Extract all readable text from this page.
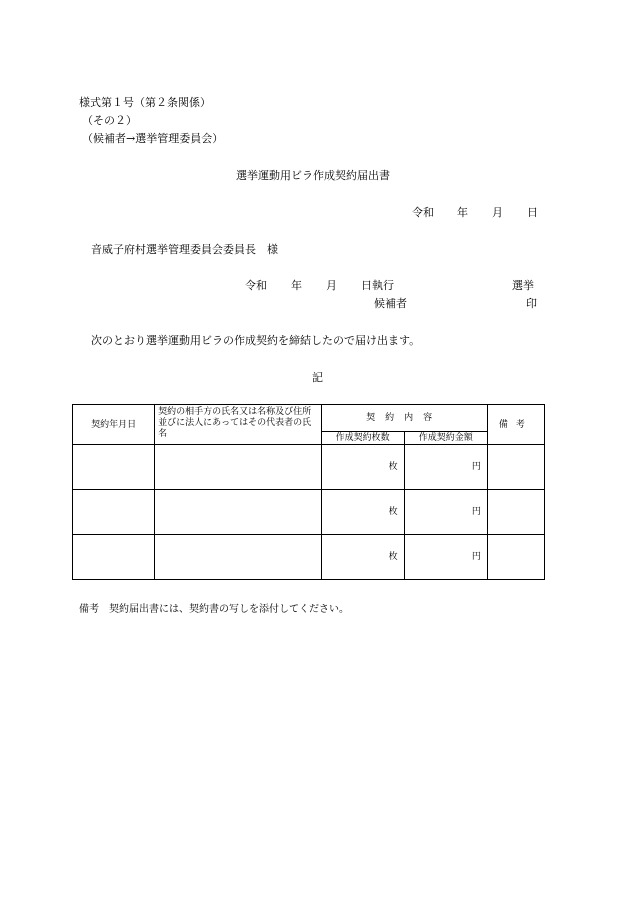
様式第１号（第２条関係）
（その２）
（候補者→選挙管理委員会）
選挙運動用ビラ作成契約届出書
令和 年 月 日
音威子府村選挙管理委員会委員長　様
令和 年 月 日執行	選挙
候補者	印
次のとおり選挙運動用ビラの作成契約を締結したので届け出ます。
記
契約年月日	契約の相手方の氏名又は名称及び住所並びに法人にあってはその代表者の氏名	契約内容		備考
		作成契約枚数	作成契約金額	
		枚	円	
		枚	円	
		枚	円	
備考　契約届出書には、契約書の写しを添付してください。
